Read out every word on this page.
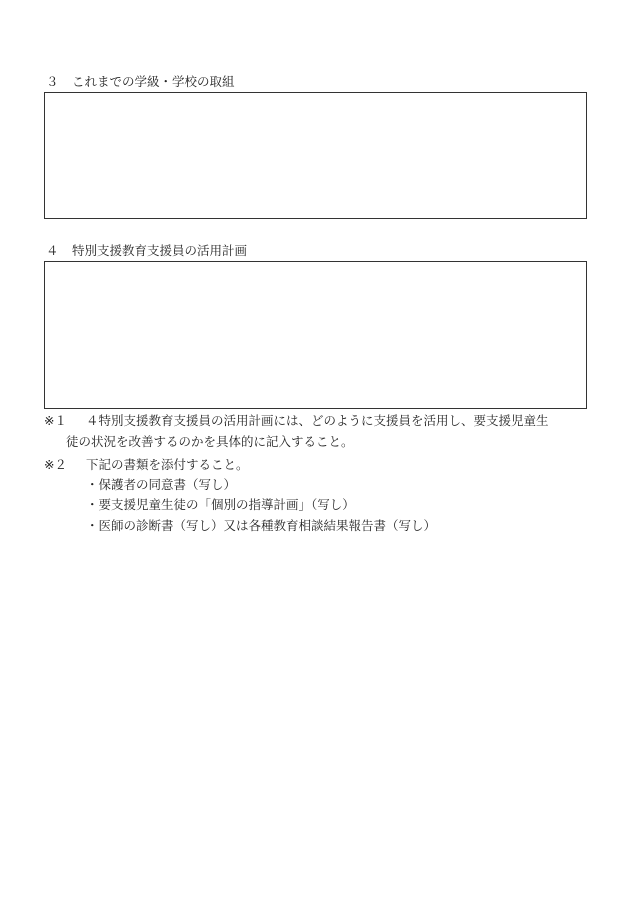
３ これまでの学級・学校の取組
４ 特別支援教育支援員の活用計画
※１	４特別支援教育支援員の活用計画には、どのように支援員を活用し、要支援児童生
徒の状況を改善するのかを具体的に記入すること。
※２	下記の書類を添付すること。
・保護者の同意書（写し）
・要支援児童生徒の「個別の指導計画」（写し）
・医師の診断書（写し）又は各種教育相談結果報告書（写し）
